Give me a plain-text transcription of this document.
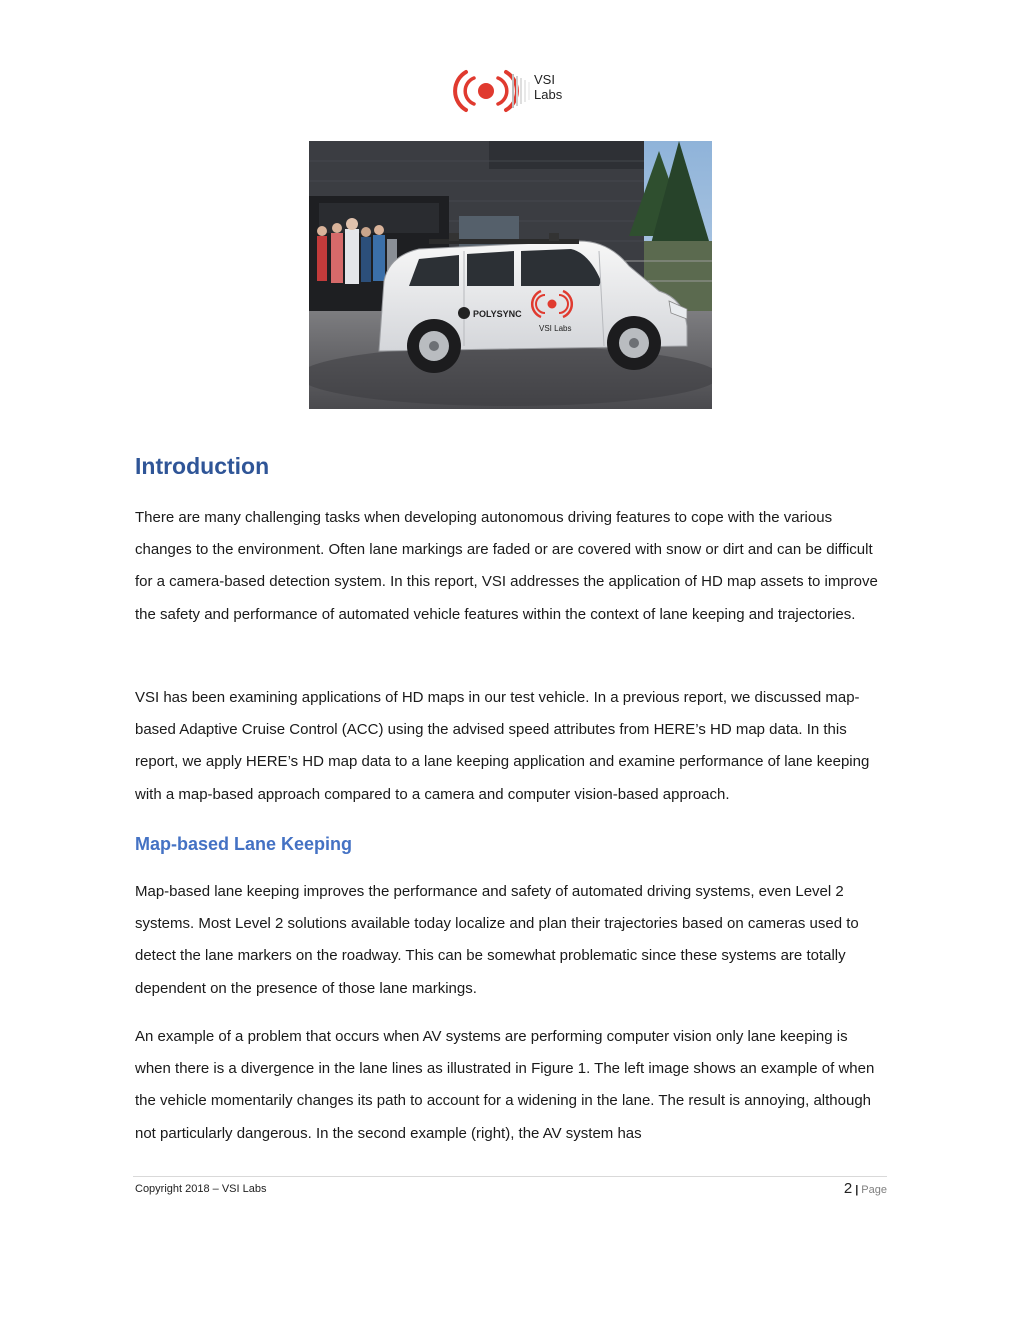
VSI
Labs
POLYSYNC
VSI Labs
Introduction

There are many challenging tasks when developing autonomous driving features to cope with the various changes to the environment. Often lane markings are faded or are covered with snow or dirt and can be difficult for a camera-based detection system. In this report, VSI addresses the application of HD map assets to improve the safety and performance of automated vehicle features within the context of lane keeping and trajectories.

VSI has been examining applications of HD maps in our test vehicle. In a previous report, we discussed map-based Adaptive Cruise Control (ACC) using the advised speed attributes from HERE’s HD map data. In this report, we apply HERE’s HD map data to a lane keeping application and examine performance of lane keeping with a map-based approach compared to a camera and computer vision-based approach.

Map-based Lane Keeping

Map-based lane keeping improves the performance and safety of automated driving systems, even Level 2 systems. Most Level 2 solutions available today localize and plan their trajectories based on cameras used to detect the lane markers on the roadway. This can be somewhat problematic since these systems are totally dependent on the presence of those lane markings.

An example of a problem that occurs when AV systems are performing computer vision only lane keeping is when there is a divergence in the lane lines as illustrated in Figure 1. The left image shows an example of when the vehicle momentarily changes its path to account for a widening in the lane. The result is annoying, although not particularly dangerous. In the second example (right), the AV system has

Copyright 2018 – VSI Labs	2 | Page
